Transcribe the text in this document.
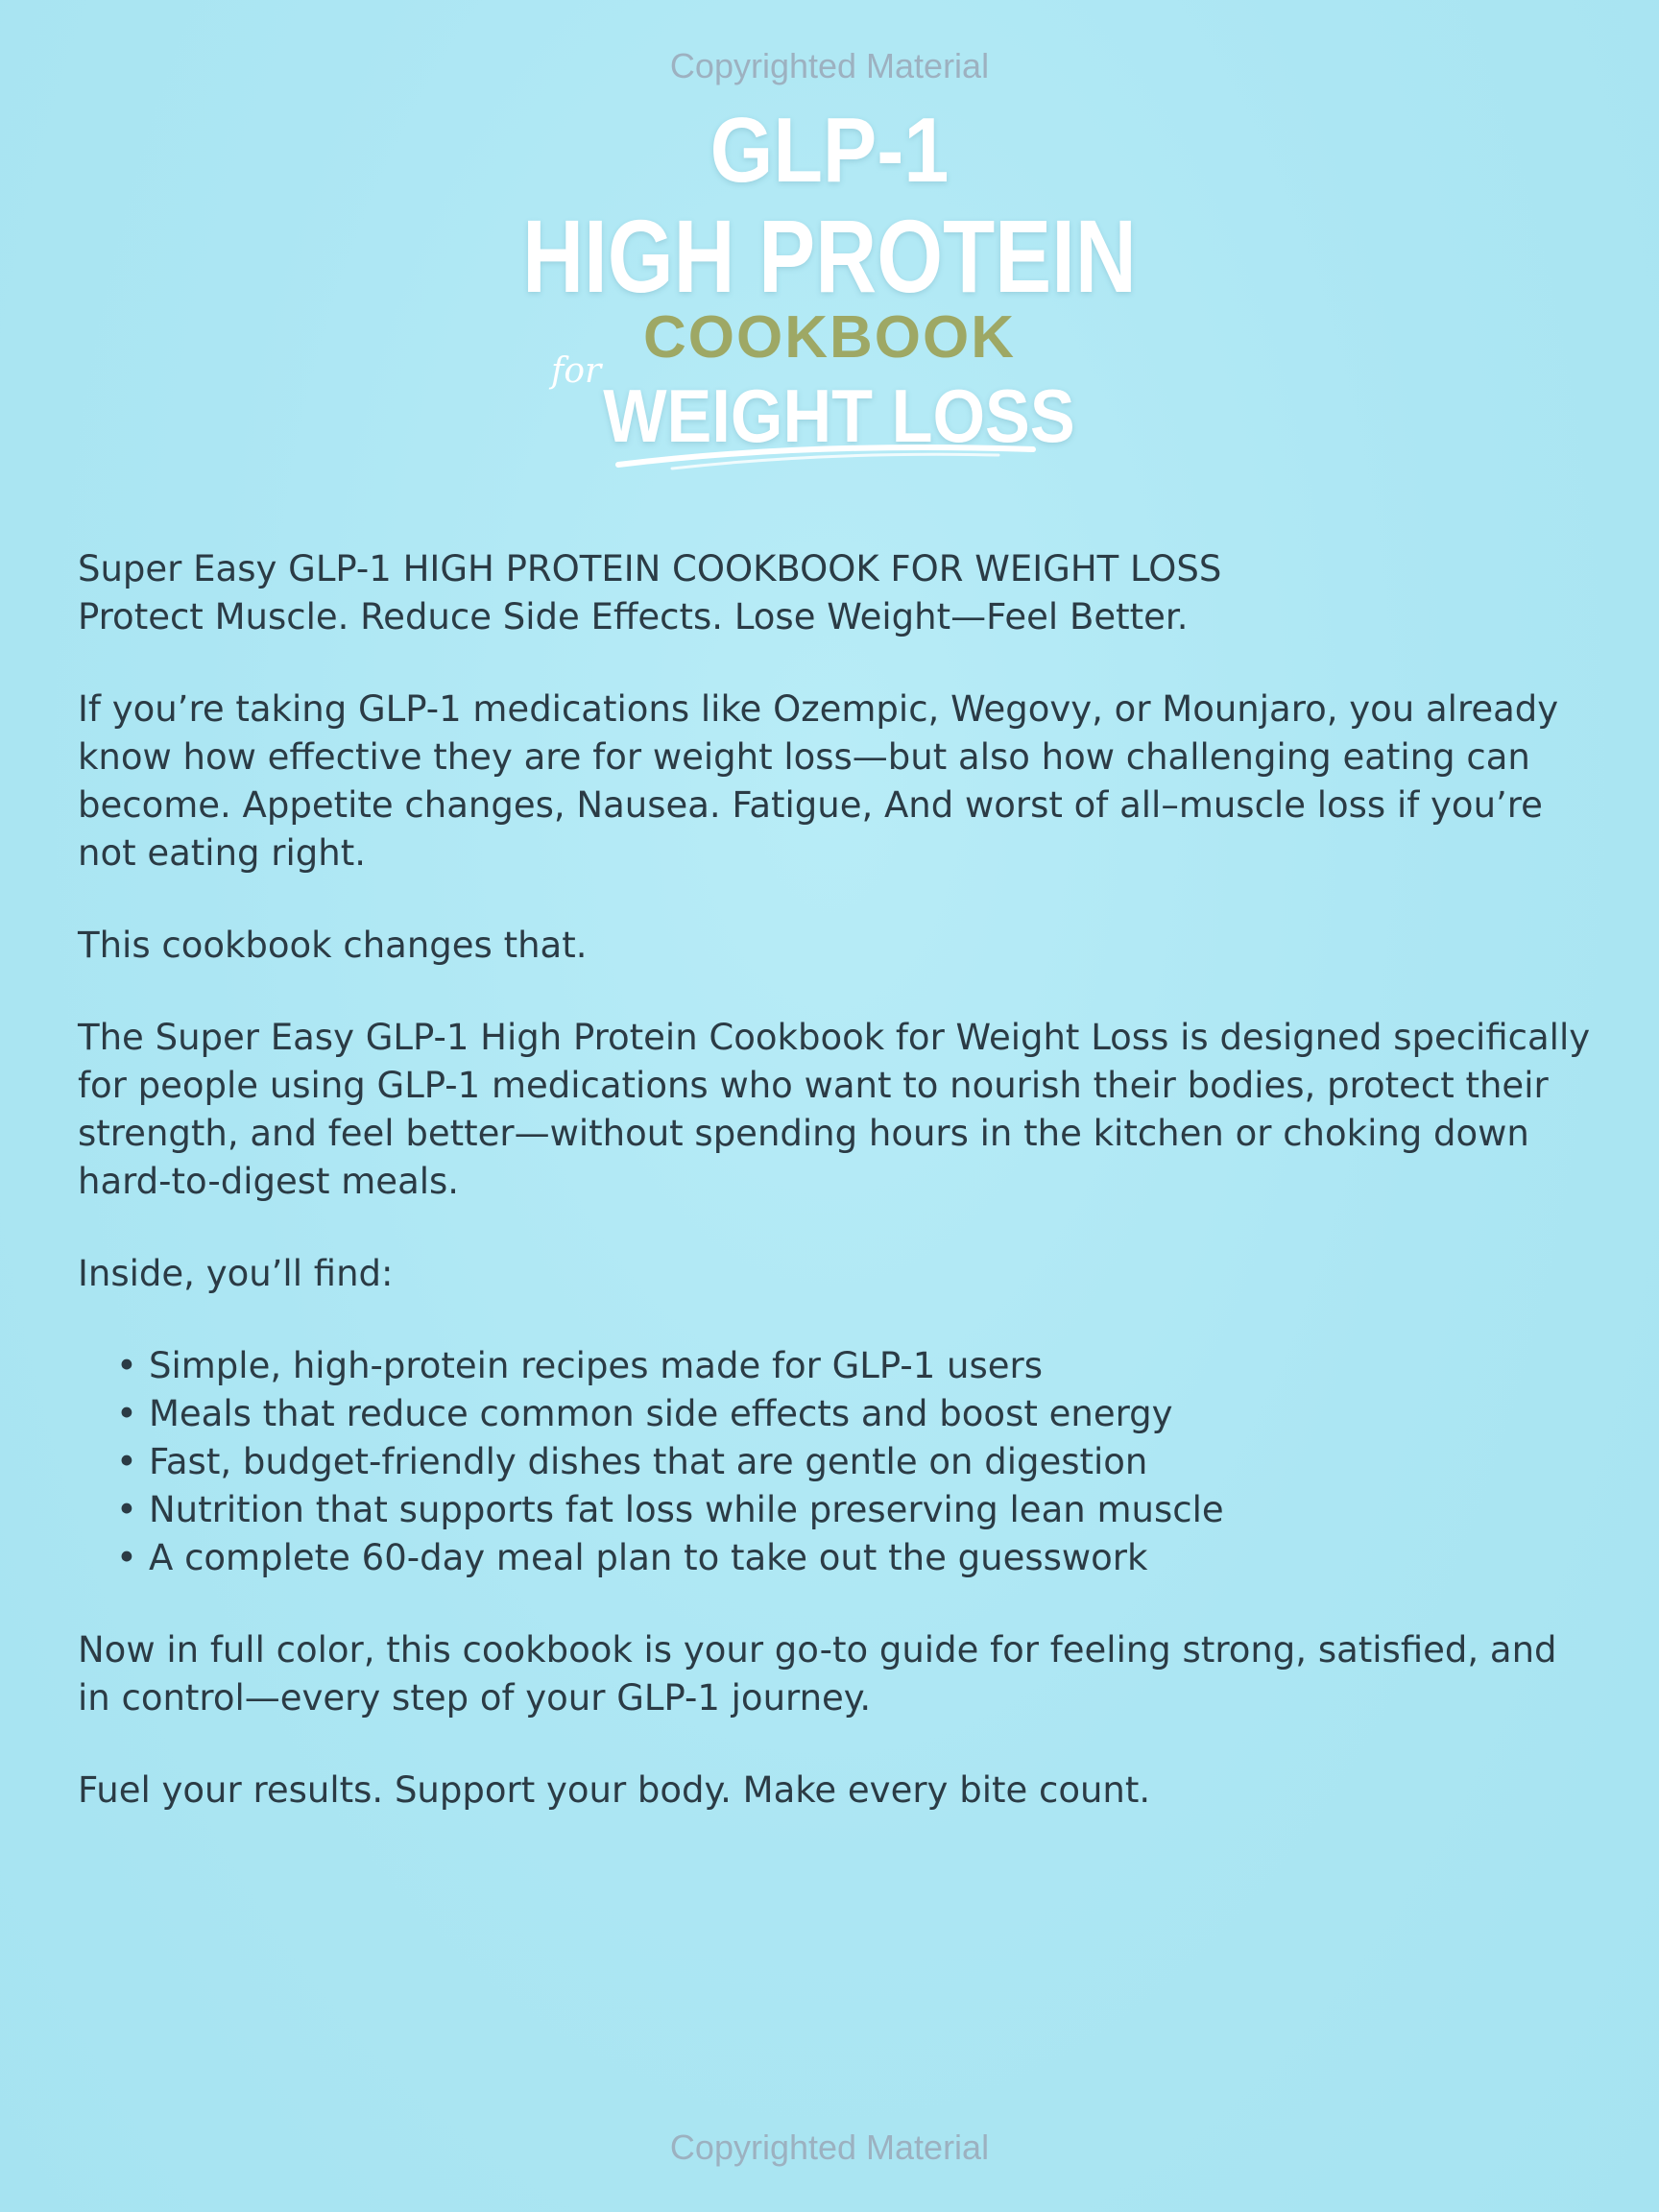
Copyrighted Material
GLP-1
HIGH PROTEIN
COOKBOOK
for
WEIGHT LOSS

Super Easy GLP-1 HIGH PROTEIN COOKBOOK FOR WEIGHT LOSS
Protect Muscle. Reduce Side Effects. Lose Weight—Feel Better.

If you’re taking GLP-1 medications like Ozempic, Wegovy, or Mounjaro, you already know how effective they are for weight loss—but also how challenging eating can become. Appetite changes, Nausea. Fatigue, And worst of all–muscle loss if you’re not eating right.

This cookbook changes that.

The Super Easy GLP-1 High Protein Cookbook for Weight Loss is designed specifically for people using GLP-1 medications who want to nourish their bodies, protect their strength, and feel better—without spending hours in the kitchen or choking down hard-to-digest meals.

Inside, you’ll find:

• Simple, high-protein recipes made for GLP-1 users
• Meals that reduce common side effects and boost energy
• Fast, budget-friendly dishes that are gentle on digestion
• Nutrition that supports fat loss while preserving lean muscle
• A complete 60-day meal plan to take out the guesswork

Now in full color, this cookbook is your go-to guide for feeling strong, satisfied, and in control—every step of your GLP-1 journey.

Fuel your results. Support your body. Make every bite count.

Copyrighted Material
